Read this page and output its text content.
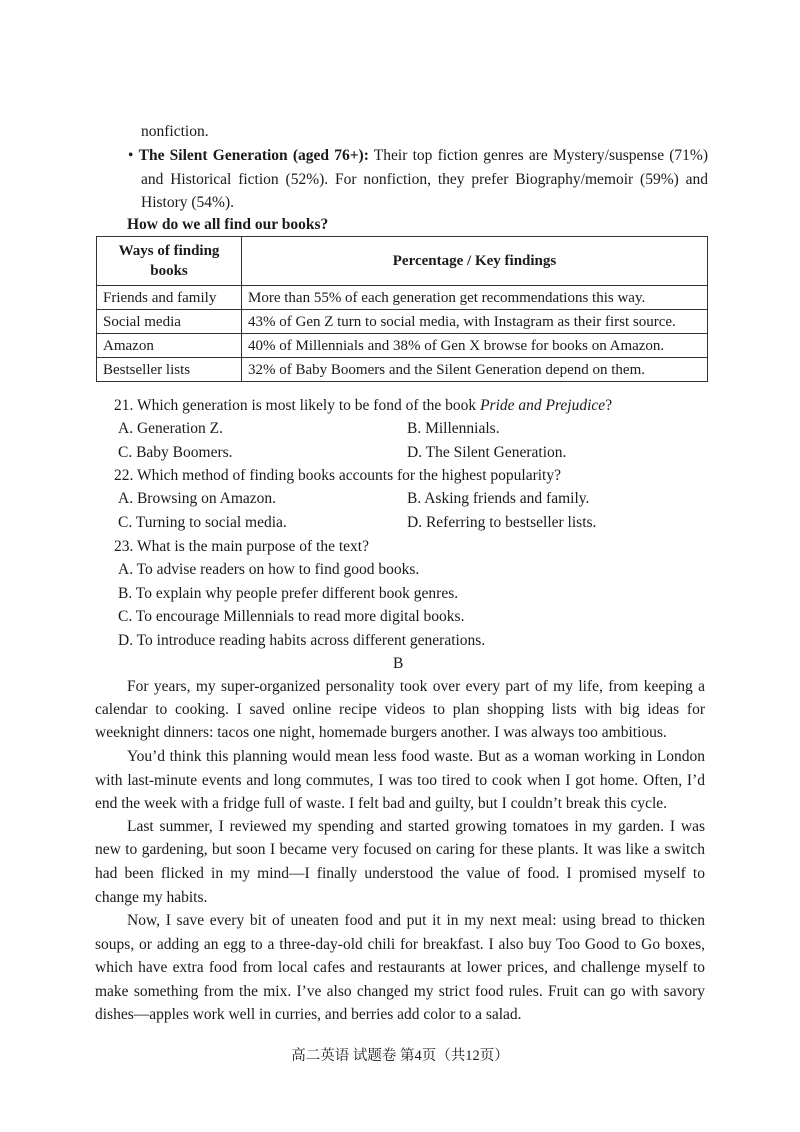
nonfiction.
• The Silent Generation (aged 76+): Their top fiction genres are Mystery/suspense (71%)
and Historical fiction (52%). For nonfiction, they prefer Biography/memoir (59%) and
History (54%).
How do we all find our books?
Ways of finding
books	Percentage / Key findings
Friends and family	More than 55% of each generation get recommendations this way.
Social media	43% of Gen Z turn to social media, with Instagram as their first source.
Amazon	40% of Millennials and 38% of Gen X browse for books on Amazon.
Bestseller lists	32% of Baby Boomers and the Silent Generation depend on them.
21. Which generation is most likely to be fond of the book Pride and Prejudice?
A. Generation Z.	B. Millennials.
C. Baby Boomers.	D. The Silent Generation.
22. Which method of finding books accounts for the highest popularity?
A. Browsing on Amazon.	B. Asking friends and family.
C. Turning to social media.	D. Referring to bestseller lists.
23. What is the main purpose of the text?
A. To advise readers on how to find good books.
B. To explain why people prefer different book genres.
C. To encourage Millennials to read more digital books.
D. To introduce reading habits across different generations.
B
For years, my super-organized personality took over every part of my life, from keeping a
calendar to cooking. I saved online recipe videos to plan shopping lists with big ideas for
weeknight dinners: tacos one night, homemade burgers another. I was always too ambitious.
You’d think this planning would mean less food waste. But as a woman working in London
with last-minute events and long commutes, I was too tired to cook when I got home. Often, I’d
end the week with a fridge full of waste. I felt bad and guilty, but I couldn’t break this cycle.
Last summer, I reviewed my spending and started growing tomatoes in my garden. I was
new to gardening, but soon I became very focused on caring for these plants. It was like a switch
had been flicked in my mind—I finally understood the value of food. I promised myself to
change my habits.
Now, I save every bit of uneaten food and put it in my next meal: using bread to thicken
soups, or adding an egg to a three-day-old chili for breakfast. I also buy Too Good to Go boxes,
which have extra food from local cafes and restaurants at lower prices, and challenge myself to
make something from the mix. I’ve also changed my strict food rules. Fruit can go with savory
dishes—apples work well in curries, and berries add color to a salad.
高二英语 试题卷 第4页（共12页）
